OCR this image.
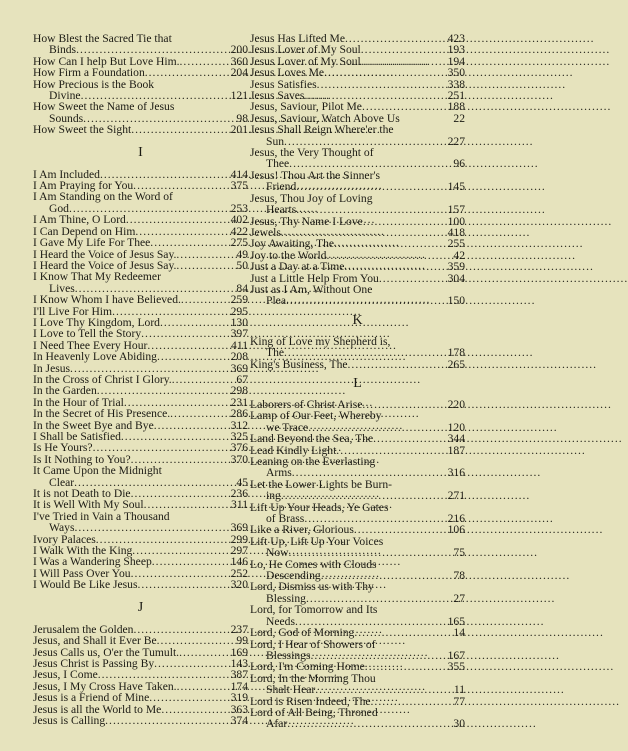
How Blest the Sacred Tie that
Binds .....	200
How Can I help But Love Him. .....	360
How Firm a Foundation .....	204
How Precious is the Book
Divine .....	121
How Sweet the Name of Jesus
Sounds .....	98
How Sweet the Sight .....	201
I
I Am Included .....	414
I Am Praying for You .....	375
I Am Standing on the Word of
God .....	253
I Am Thine, O Lord .....	402
I Can Depend on Him .....	422
I Gave My Life For Thee .....	275
I Heard the Voice of Jesus Say. .....	49
I Heard the Voice of Jesus Say. .....	50
I Know That My Redeemer
Lives .....	84
I Know Whom I have Believed. .....	259
I'll Live For Him .....	295
I Love Thy Kingdom, Lord .....	130
I Love to Tell the Story .....	397
I Need Thee Every Hour .....	411
In Heavenly Love Abiding .....	208
In Jesus .....	369
In the Cross of Christ I Glory. .....	67
In the Garden .....	298
In the Hour of Trial .....	231
In the Secret of His Presence. .....	286
In the Sweet Bye and Bye .....	312
I Shall be Satisfied .....	325
Is He Yours? .....	376
Is It Nothing to You? .....	370
It Came Upon the Midnight
Clear .....	45
It is not Death to Die .....	236
It is Well With My Soul .....	311
I've Tried in Vain a Thousand
Ways .....	369
Ivory Palaces .....	299
I Walk With the King .....	297
I Was a Wandering Sheep .....	146
I Will Pass Over You .....	252
I Would Be Like Jesus .....	320
J
Jerusalem the Golden .....	237
Jesus, and Shall it Ever Be .....	99
Jesus Calls us, O'er the Tumult. .....	169
Jesus Christ is Passing By .....	143
Jesus, I Come .....	387
Jesus, I My Cross Have Taken. .....	174
Jesus is a Friend of Mine .....	319
Jesus is all the World to Me .....	363
Jesus is Calling .....	374
Jesus Has Lifted Me .....	423
Jesus Lover of My Soul .....	193
Jesus Lover of My Soul .....	194
Jesus Loves Me .....	350
Jesus Satisfies .....	338
Jesus Saves .....	251
Jesus, Saviour, Pilot Me .....	188
Jesus, Saviour, Watch Above Us	22
Jesus Shall Reign Where'er the
Sun .....	227
Jesus, the Very Thought of
Thee .....	96
Jesus! Thou Art the Sinner's
Friend .....	145
Jesus, Thou Joy of Loving
Hearts .....	157
Jesus, Thy Name I Love .....	100
Jewels .....	418
Joy Awaiting, The .....	255
Joy to the World .....	42
Just a Day at a Time .....	359
Just a Little Help From You .....	304
Just as I Am, Without One
Plea .....	150
K
King of Love my Shepherd is,
The .....	178
King's Business, The .....	265
L
Laborers of Christ Arise .....	220
Lamp of Our Feet, Whereby
we Trace .....	120
Land Beyond the Sea, The .....	344
Lead Kindly Light .....	187
Leaning on the Everlasting
Arms .....	316
Let the Lower Lights be Burn-
ing .....	271
Lift Up Your Heads, Ye Gates
of Brass .....	216
Like a River, Glorious .....	106
Lift Up, Lift Up Your Voices
Now .....	75
Lo, He Comes with Clouds
Descending .....	78
Lord, Dismiss us with Thy
Blessing .....	27
Lord, for Tomorrow and Its
Needs .....	165
Lord, God of Morning .....	14
Lord, I Hear of Showers of
Blessings .....	167
Lord, I'm Coming Home .....	355
Lord, In the Morning Thou
Shalt Hear .....	11
Lord is Risen Indeed, The .....	77
Lord of All Being, Throned
Afar .....	30
